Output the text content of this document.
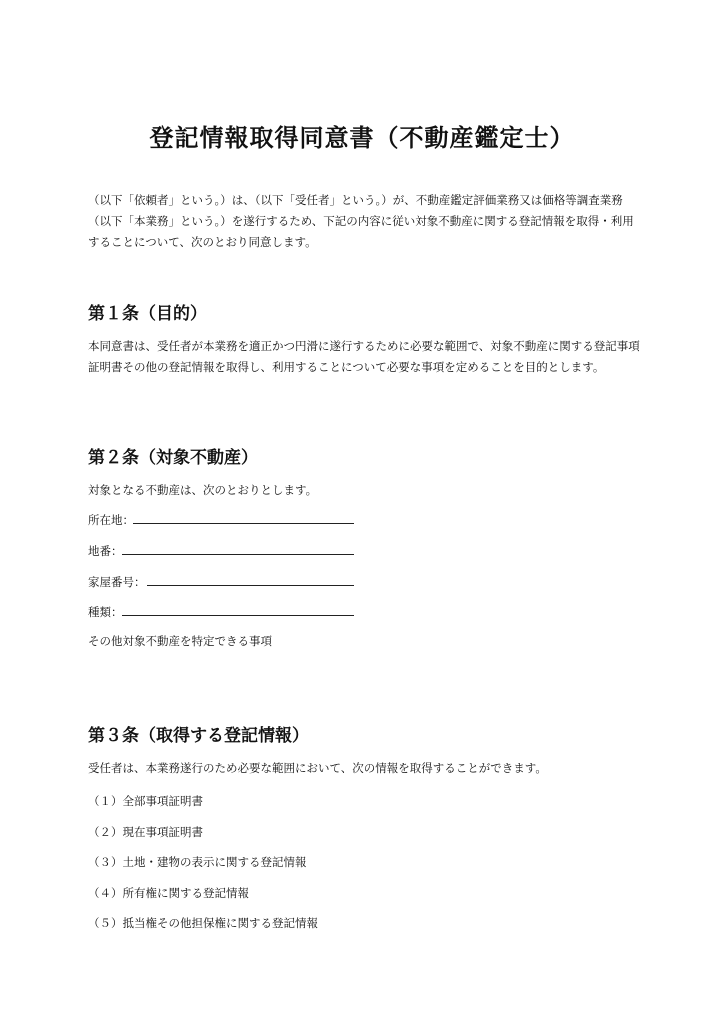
登記情報取得同意書（不動産鑑定士）

（以下「依頼者」という。）は、（以下「受任者」という。）が、不動産鑑定評価業務又は価格等調査業務（以下「本業務」という。）を遂行するため、下記の内容に従い対象不動産に関する登記情報を取得・利用することについて、次のとおり同意します。

第１条（目的）

本同意書は、受任者が本業務を適正かつ円滑に遂行するために必要な範囲で、対象不動産に関する登記事項証明書その他の登記情報を取得し、利用することについて必要な事項を定めることを目的とします。

第２条（対象不動産）

対象となる不動産は、次のとおりとします。

所在地：
地番：
家屋番号：
種類：

その他対象不動産を特定できる事項

第３条（取得する登記情報）

受任者は、本業務遂行のため必要な範囲において、次の情報を取得することができます。

（１）全部事項証明書
（２）現在事項証明書
（３）土地・建物の表示に関する登記情報
（４）所有権に関する登記情報
（５）抵当権その他担保権に関する登記情報
